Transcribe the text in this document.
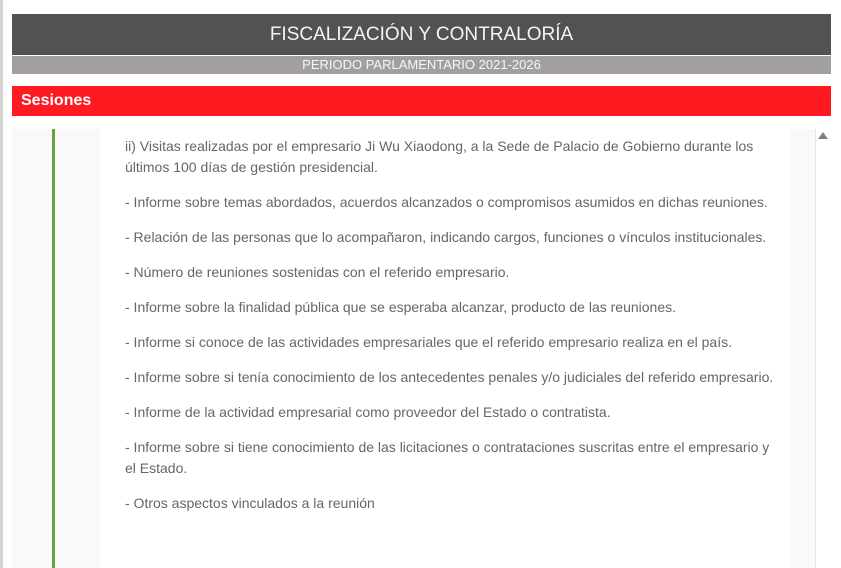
FISCALIZACIÓN Y CONTRALORÍA
PERIODO PARLAMENTARIO 2021-2026
Sesiones

ii) Visitas realizadas por el empresario Ji Wu Xiaodong, a la Sede de Palacio de Gobierno durante los últimos 100 días de gestión presidencial.

- Informe sobre temas abordados, acuerdos alcanzados o compromisos asumidos en dichas reuniones.

- Relación de las personas que lo acompañaron, indicando cargos, funciones o vínculos institucionales.

- Número de reuniones sostenidas con el referido empresario.

- Informe sobre la finalidad pública que se esperaba alcanzar, producto de las reuniones.

- Informe si conoce de las actividades empresariales que el referido empresario realiza en el país.

- Informe sobre si tenía conocimiento de los antecedentes penales y/o judiciales del referido empresario.

- Informe de la actividad empresarial como proveedor del Estado o contratista.

- Informe sobre si tiene conocimiento de las licitaciones o contrataciones suscritas entre el empresario y el Estado.

- Otros aspectos vinculados a la reunión
